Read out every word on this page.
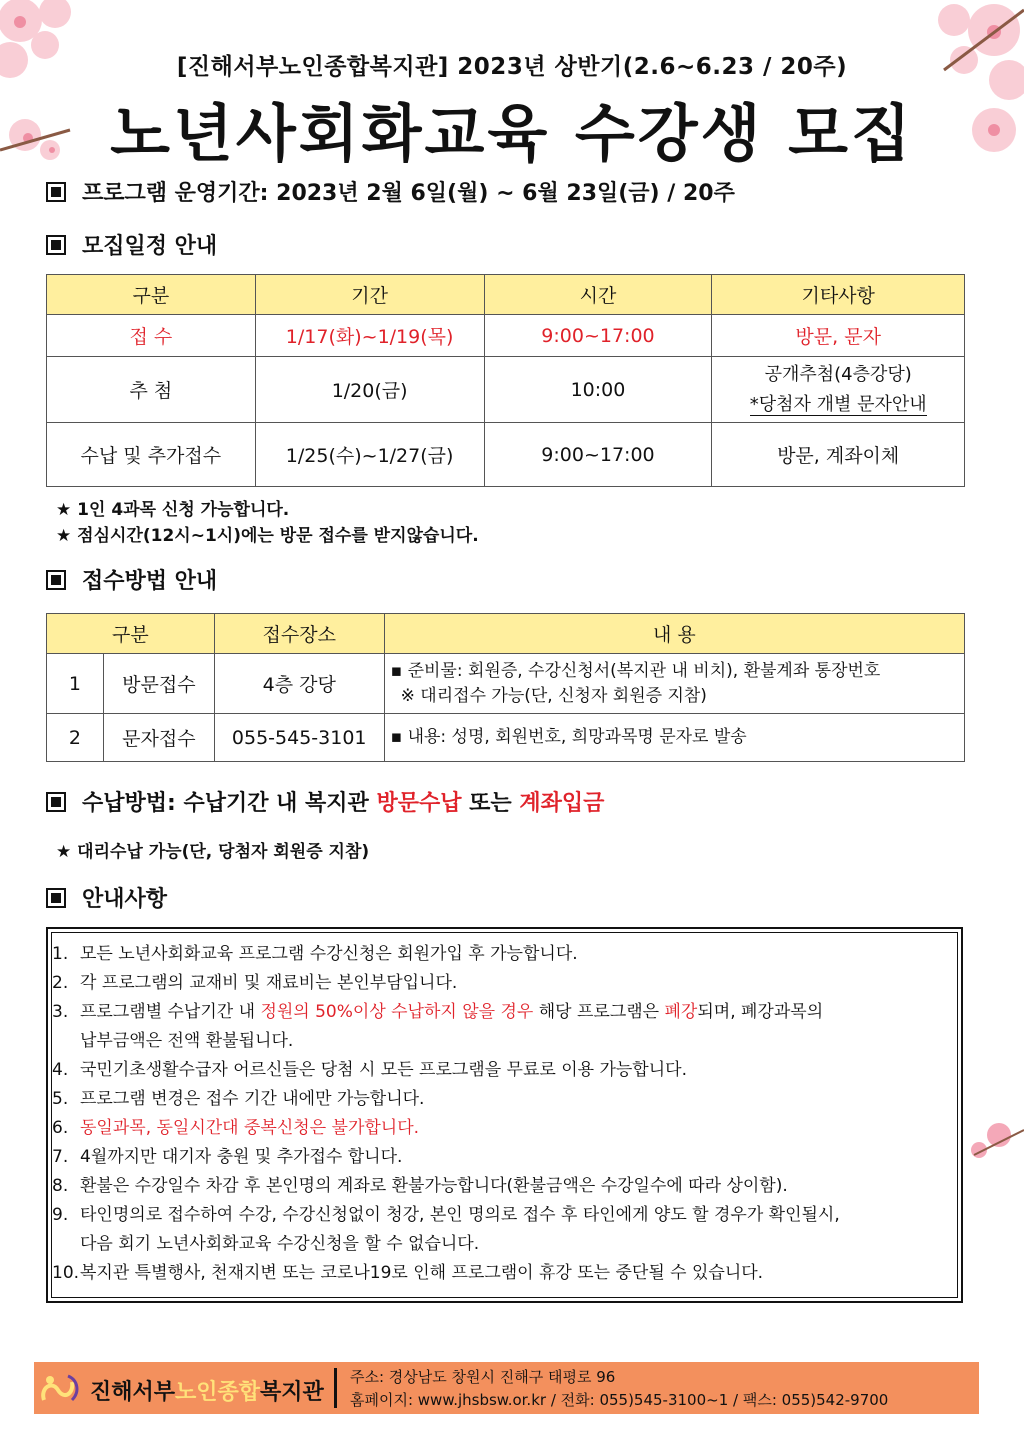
[진해서부노인종합복지관] 2023년 상반기(2.6~6.23 / 20주)
노년사회화교육 수강생 모집
프로그램 운영기간: 2023년 2월 6일(월) ~ 6월 23일(금) / 20주
모집일정 안내
구분	기간	시간	기타사항
접 수	1/17(화)~1/19(목)	9:00~17:00	방문, 문자
추 첨	1/20(금)	10:00	공개추첨(4층강당)
*당첨자 개별 문자안내

수납 및 추가접수	1/25(수)~1/27(금)	9:00~17:00	방문, 계좌이체
★ 1인 4과목 신청 가능합니다.
★ 점심시간(12시~1시)에는 방문 접수를 받지않습니다.
접수방법 안내
구분		접수장소	내 용
1	방문접수	4층 강당	▪ 준비물: 회원증, 수강신청서(복지관 내 비치), 환불계좌 통장번호
※ 대리접수 가능(단, 신청자 회원증 지참)

2	문자접수	055-545-3101	▪ 내용: 성명, 회원번호, 희망과목명 문자로 발송
수납방법: 수납기간 내 복지관 방문수납 또는 계좌입금
★ 대리수납 가능(단, 당첨자 회원증 지참)
안내사항
1. 모든 노년사회화교육 프로그램 수강신청은 회원가입 후 가능합니다.
2. 각 프로그램의 교재비 및 재료비는 본인부담입니다.
3. 프로그램별 수납기간 내 정원의 50%이상 수납하지 않을 경우 해당 프로그램은 폐강되며, 폐강과목의
납부금액은 전액 환불됩니다.
4. 국민기초생활수급자 어르신들은 당첨 시 모든 프로그램을 무료로 이용 가능합니다.
5. 프로그램 변경은 접수 기간 내에만 가능합니다.
6. 동일과목, 동일시간대 중복신청은 불가합니다.
7. 4월까지만 대기자 충원 및 추가접수 합니다.
8. 환불은 수강일수 차감 후 본인명의 계좌로 환불가능합니다(환불금액은 수강일수에 따라 상이함).
9. 타인명의로 접수하여 수강, 수강신청없이 청강, 본인 명의로 접수 후 타인에게 양도 할 경우가 확인될시,
다음 회기 노년사회화교육 수강신청을 할 수 없습니다.
10. 복지관 특별행사, 천재지변 또는 코로나19로 인해 프로그램이 휴강 또는 중단될 수 있습니다.
진해서부노인종합복지관
주소: 경상남도 창원시 진해구 태평로 96
홈페이지: www.jhsbsw.or.kr / 전화: 055)545-3100~1 / 팩스: 055)542-9700
